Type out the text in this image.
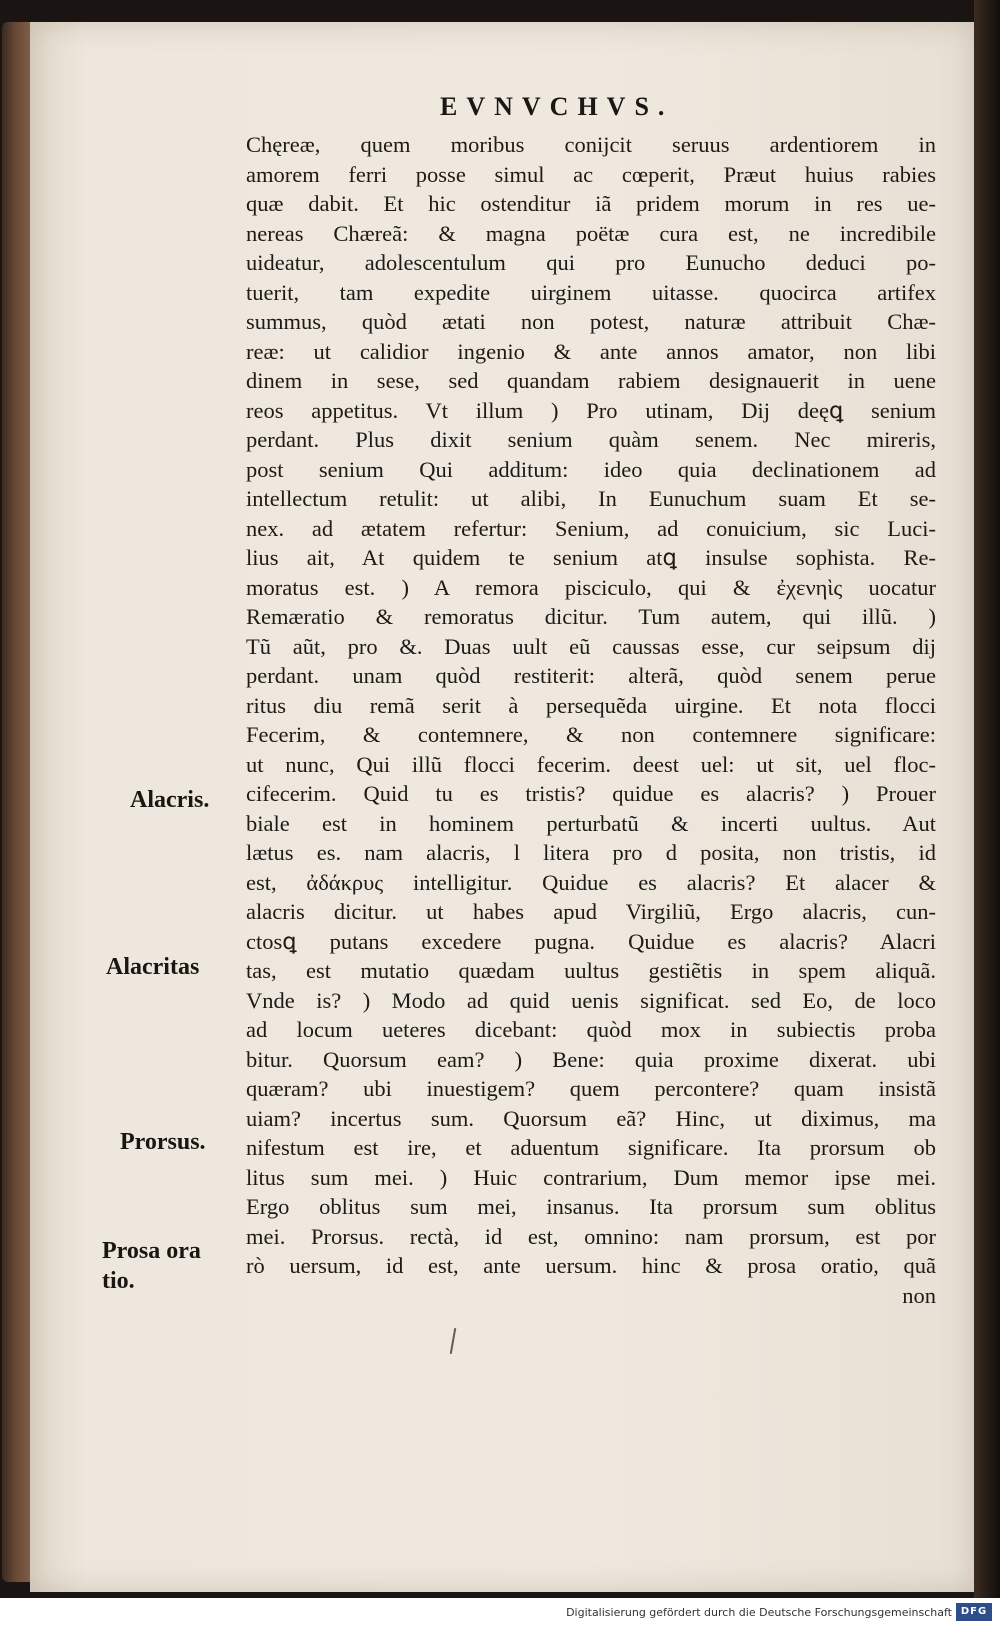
EVNVCHVS.
Chęreæ, quem moribus conijcit seruus ardentiorem in
amorem ferri posse simul ac cœperit, Præut huius rabies
quæ dabit. Et hic ostenditur iã pridem morum in res ue-
nereas Chæreã: & magna poëtæ cura est, ne incredibile
uideatur, adolescentulum qui pro Eunucho deduci po-
tuerit, tam expedite uirginem uitasse. quocirca artifex
summus, quòd ætati non potest, naturæ attribuit Chæ-
reæ: ut calidior ingenio & ante annos amator, non libi
dinem in sese, sed quandam rabiem designauerit in uene
reos appetitus. Vt illum ) Pro utinam, Dij deęꝗ senium
perdant. Plus dixit senium quàm senem. Nec mireris,
post senium Qui additum: ideo quia declinationem ad
intellectum retulit: ut alibi, In Eunuchum suam Et se-
nex. ad ætatem refertur: Senium, ad conuicium, sic Luci-
lius ait, At quidem te senium atꝗ insulse sophista. Re-
moratus est. ) A remora pisciculo, qui & ἐχενηὶς uocatur
Remæratio & remoratus dicitur. Tum autem, qui illũ. )
Tũ aũt, pro &. Duas uult eũ caussas esse, cur seipsum dij
perdant. unam quòd restiterit: alterã, quòd senem perue
ritus diu remã serit à persequẽda uirgine. Et nota flocci
Fecerim, & contemnere, & non contemnere significare:
ut nunc, Qui illũ flocci fecerim. deest uel: ut sit, uel floc-
cifecerim. Quid tu es tristis? quidue es alacris? ) Prouer
biale est in hominem perturbatũ & incerti uultus. Aut
lætus es. nam alacris, l litera pro d posita, non tristis, id
est, ἀδάκρυς intelligitur. Quidue es alacris? Et alacer &
alacris dicitur. ut habes apud Virgiliũ, Ergo alacris, cun-
ctosꝗ putans excedere pugna. Quidue es alacris? Alacri
tas, est mutatio quædam uultus gestiẽtis in spem aliquã.
Vnde is? ) Modo ad quid uenis significat. sed Eo, de loco
ad locum ueteres dicebant: quòd mox in subiectis proba
bitur. Quorsum eam? ) Bene: quia proxime dixerat. ubi
quæram? ubi inuestigem? quem percontere? quam insistã
uiam? incertus sum. Quorsum eã? Hinc, ut diximus, ma
nifestum est ire, et aduentum significare. Ita prorsum ob
litus sum mei. ) Huic contrarium, Dum memor ipse mei.
Ergo oblitus sum mei, insanus. Ita prorsum sum oblitus
mei. Prorsus. rectà, id est, omnino: nam prorsum, est por
rò uersum, id est, ante uersum. hinc & prosa oratio, quã
non
Alacris.
Alacritas
Prorsus.
Prosa ora
tio.
Digitalisierung gefördert durch die Deutsche Forschungsgemeinschaft DFG
